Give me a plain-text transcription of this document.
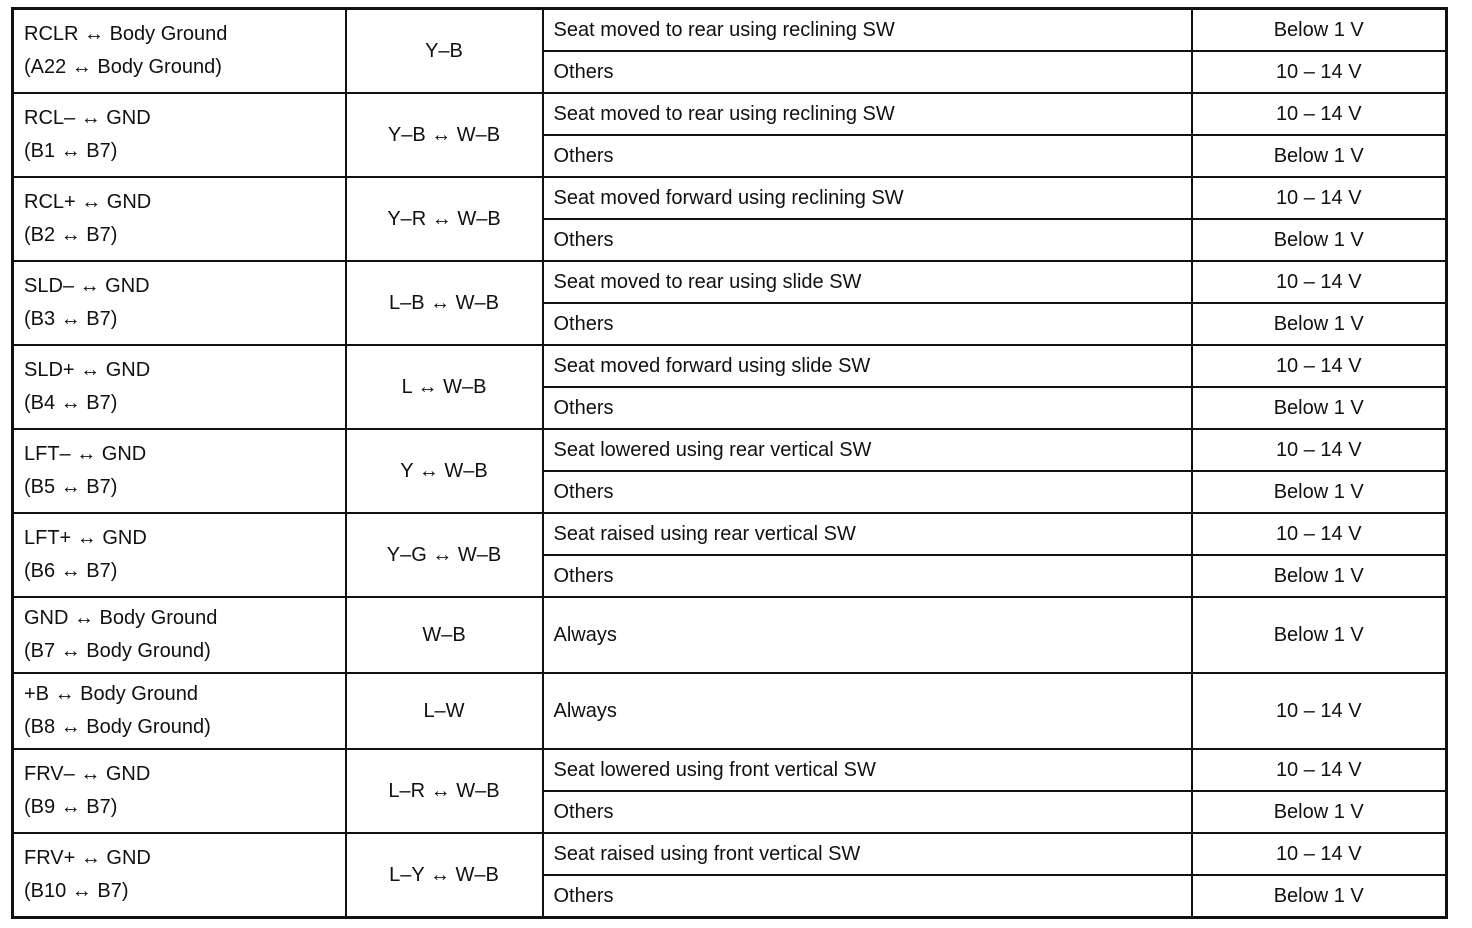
RCLR ↔ Body Ground
(A22 ↔ Body Ground)	Y–B	Seat moved to rear using reclining SW	Below 1 V
		Others	10 – 14 V

RCL– ↔ GND
(B1 ↔ B7)	Y–B ↔ W–B	Seat moved to rear using reclining SW	10 – 14 V
		Others	Below 1 V

RCL+ ↔ GND
(B2 ↔ B7)	Y–R ↔ W–B	Seat moved forward using reclining SW	10 – 14 V
		Others	Below 1 V

SLD– ↔ GND
(B3 ↔ B7)	L–B ↔ W–B	Seat moved to rear using slide SW	10 – 14 V
		Others	Below 1 V

SLD+ ↔ GND
(B4 ↔ B7)	L ↔ W–B	Seat moved forward using slide SW	10 – 14 V
		Others	Below 1 V

LFT– ↔ GND
(B5 ↔ B7)	Y ↔ W–B	Seat lowered using rear vertical SW	10 – 14 V
		Others	Below 1 V

LFT+ ↔ GND
(B6 ↔ B7)	Y–G ↔ W–B	Seat raised using rear vertical SW	10 – 14 V
		Others	Below 1 V

GND ↔ Body Ground
(B7 ↔ Body Ground)	W–B	Always	Below 1 V

+B ↔ Body Ground
(B8 ↔ Body Ground)	L–W	Always	10 – 14 V

FRV– ↔ GND
(B9 ↔ B7)	L–R ↔ W–B	Seat lowered using front vertical SW	10 – 14 V
		Others	Below 1 V

FRV+ ↔ GND
(B10 ↔ B7)	L–Y ↔ W–B	Seat raised using front vertical SW	10 – 14 V
		Others	Below 1 V
